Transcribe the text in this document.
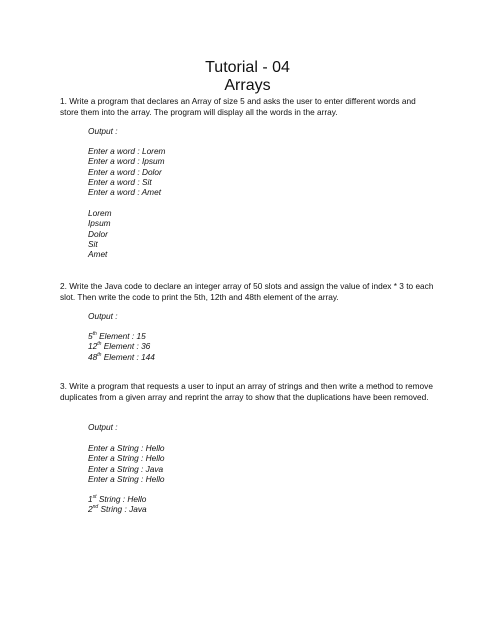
Tutorial - 04
Arrays
1. Write a program that declares an Array of size 5 and asks the user to enter different words and store them into the array. The program will display all the words in the array.
Output :
Enter a word : Lorem
Enter a word : Ipsum
Enter a word : Dolor
Enter a word : Sit
Enter a word : Amet
Lorem
Ipsum
Dolor
Sit
Amet
2. Write the Java code to declare an integer array of 50 slots and assign the value of index * 3 to each slot. Then write the code to print the 5th, 12th and 48th element of the array.
Output :
5th Element : 15
12th Element : 36
48th Element : 144
3. Write a program that requests a user to input an array of strings and then write a method to remove duplicates from a given array and reprint the array to show that the duplications have been removed.
Output :
Enter a String : Hello
Enter a String : Hello
Enter a String : Java
Enter a String : Hello
1st String : Hello
2nd String : Java
